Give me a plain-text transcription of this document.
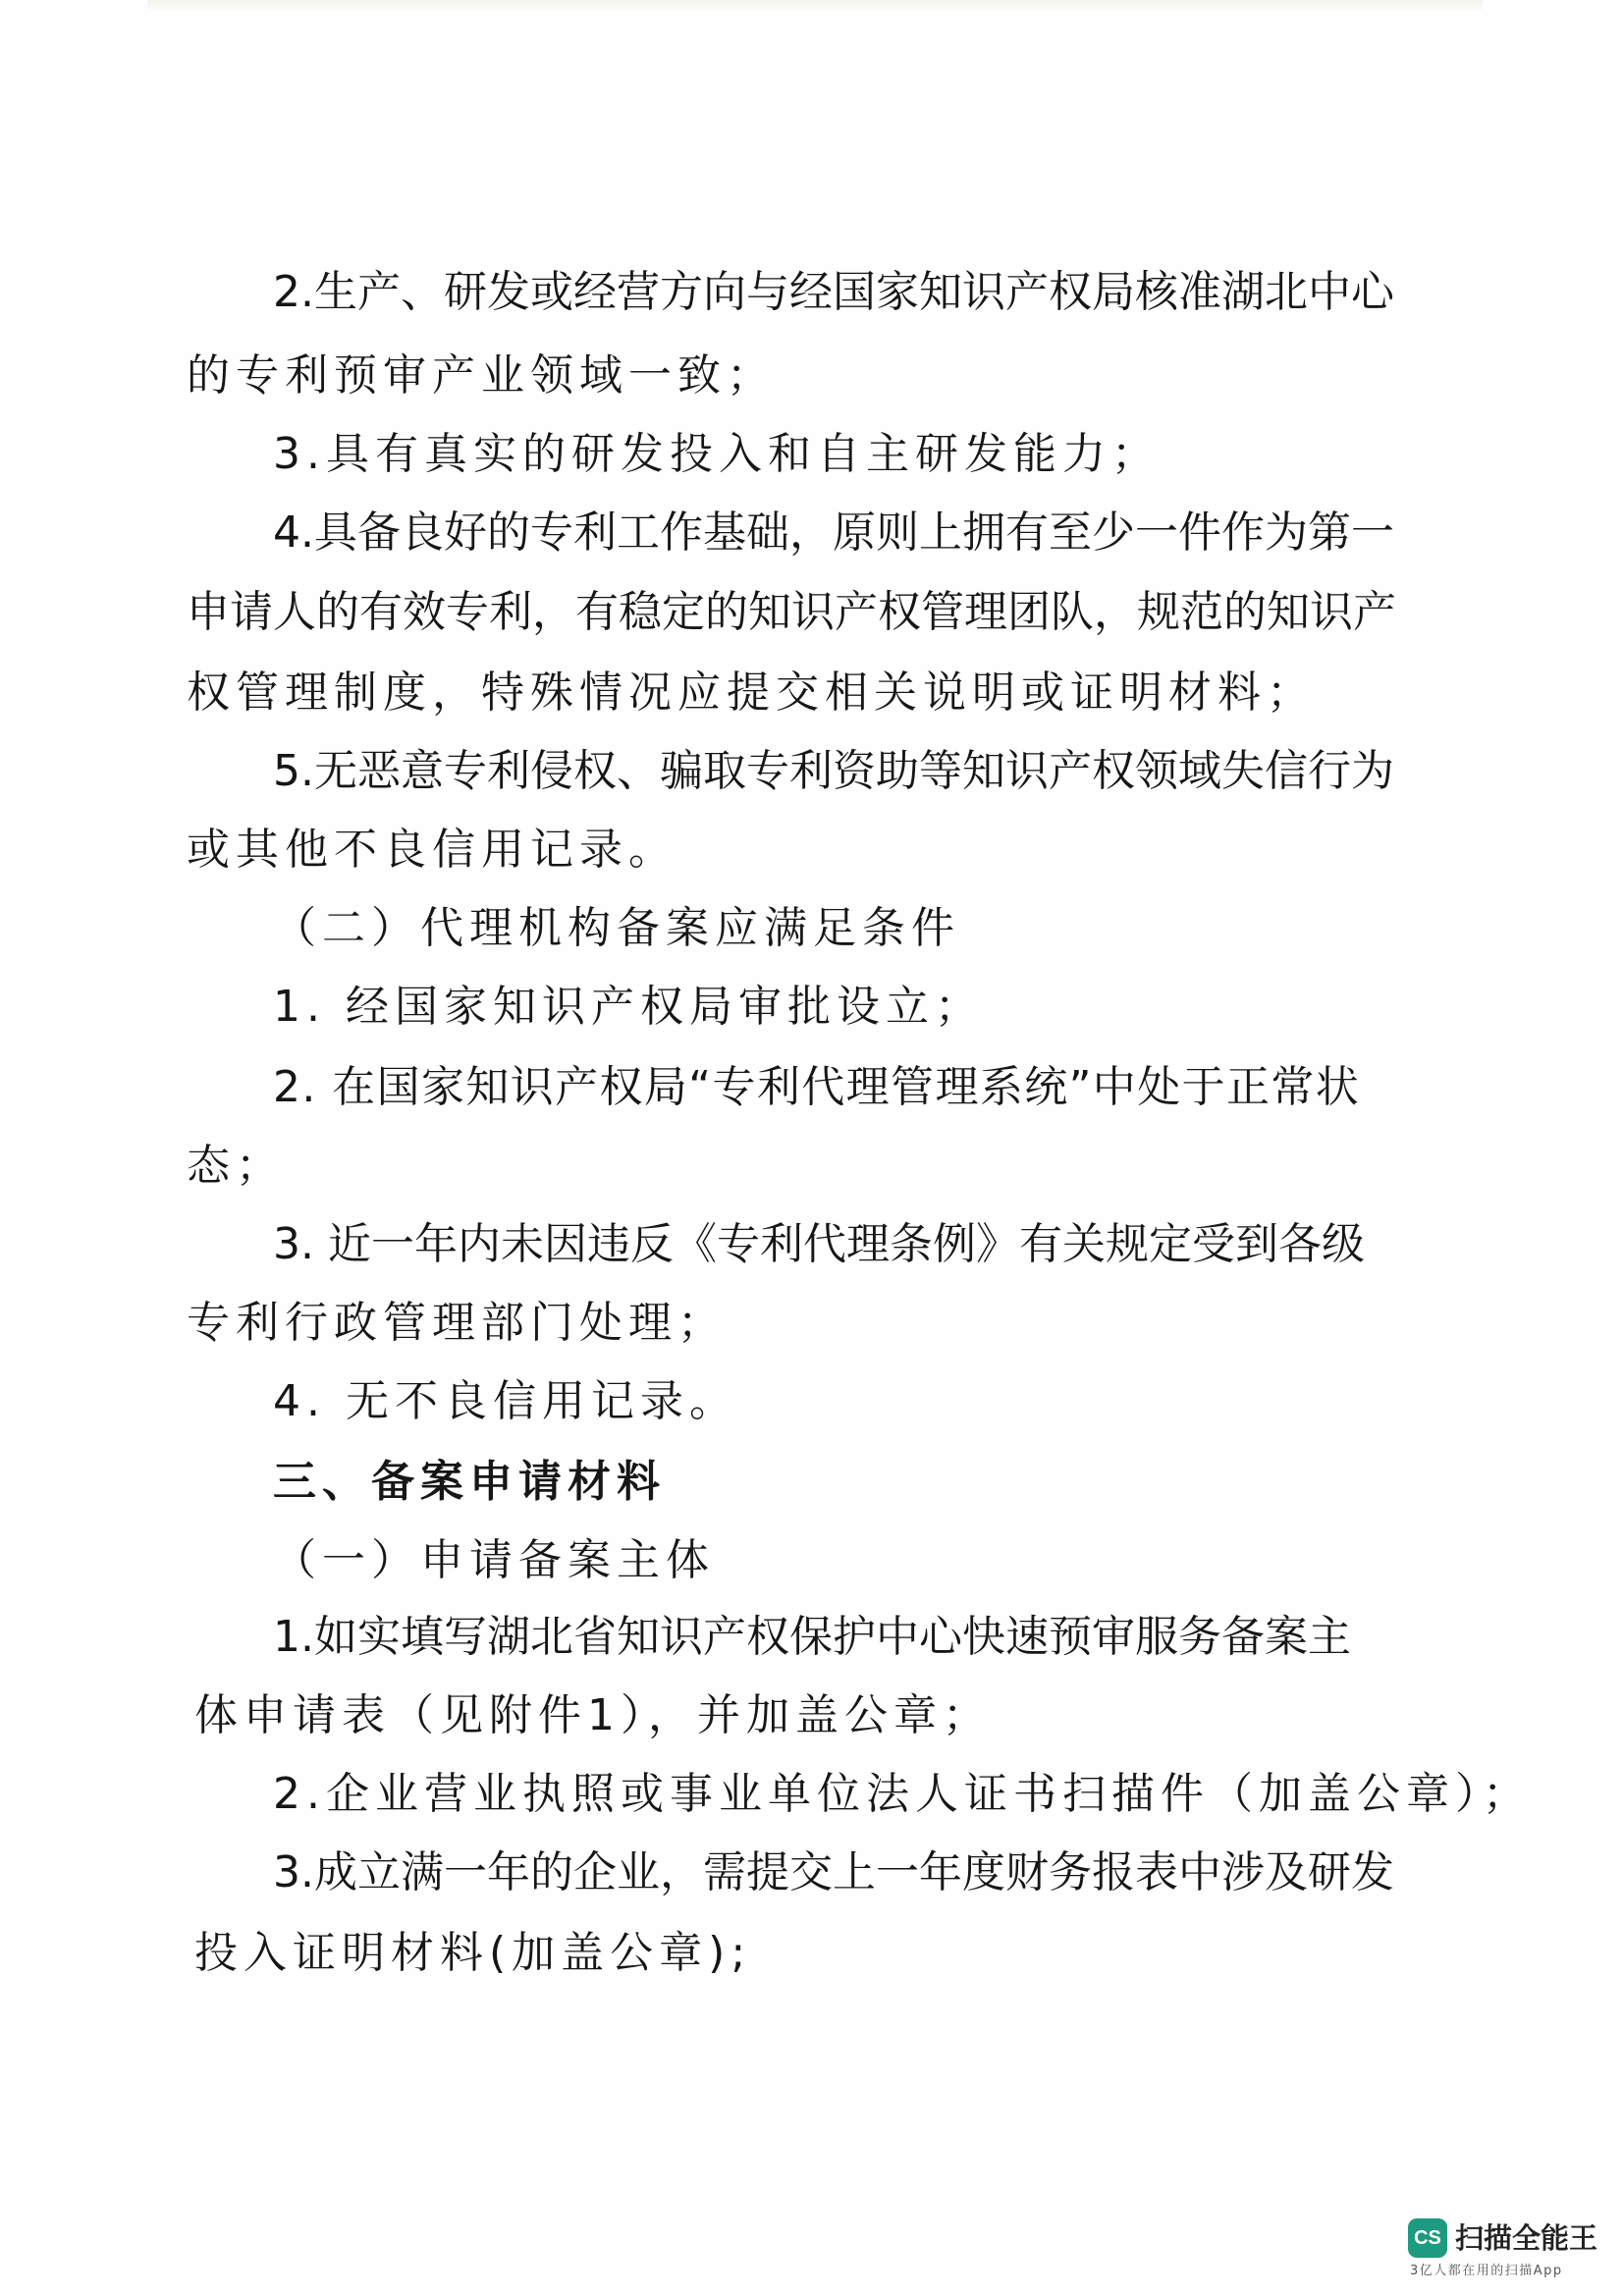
2 . 生 产 、 研 发 或 经 营 方 向 与 经 国 家 知 识 产 权 局 核 准 湖 北 中 心
的专利预审产业领域一致；
3.具有真实的研发投入和自主研发能力；
4 . 具 备 良 好 的 专 利 工 作 基 础 ， 原 则 上 拥 有 至 少 一 件 作 为 第 一
申 请 人 的 有 效 专 利 ， 有 稳 定 的 知 识 产 权 管 理 团 队 ， 规 范 的 知 识 产
权管理制度，特殊情况应提交相关说明或证明材料；
5 . 无 恶 意 专 利 侵 权 、 骗 取 专 利 资 助 等 知 识 产 权 领 域 失 信 行 为
或其他不良信用记录。
（二）代理机构备案应满足条件
1. 经国家知识产权局审批设立；
2 .
在 国 家 知 识 产 权 局 “ 专 利 代 理 管 理 系 统 ” 中 处 于 正 常 状
态；
3 .
近 一 年 内 未 因 违 反 《 专 利 代 理 条 例 》 有 关 规 定 受 到 各 级
专利行政管理部门处理；
4. 无不良信用记录。
三、备案申请材料
（一）申请备案主体
1 . 如 实 填 写 湖 北 省 知 识 产 权 保 护 中 心 快 速 预 审 服 务 备 案 主
体申请表（见附件1），并加盖公章；
2.企业营业执照或事业单位法人证书扫描件（加盖公章）；
3 . 成 立 满 一 年 的 企 业 ， 需 提 交 上 一 年 度 财 务 报 表 中 涉 及 研 发
投入证明材料(加盖公章);
CS 扫描全能王
3亿人都在用的扫描App
